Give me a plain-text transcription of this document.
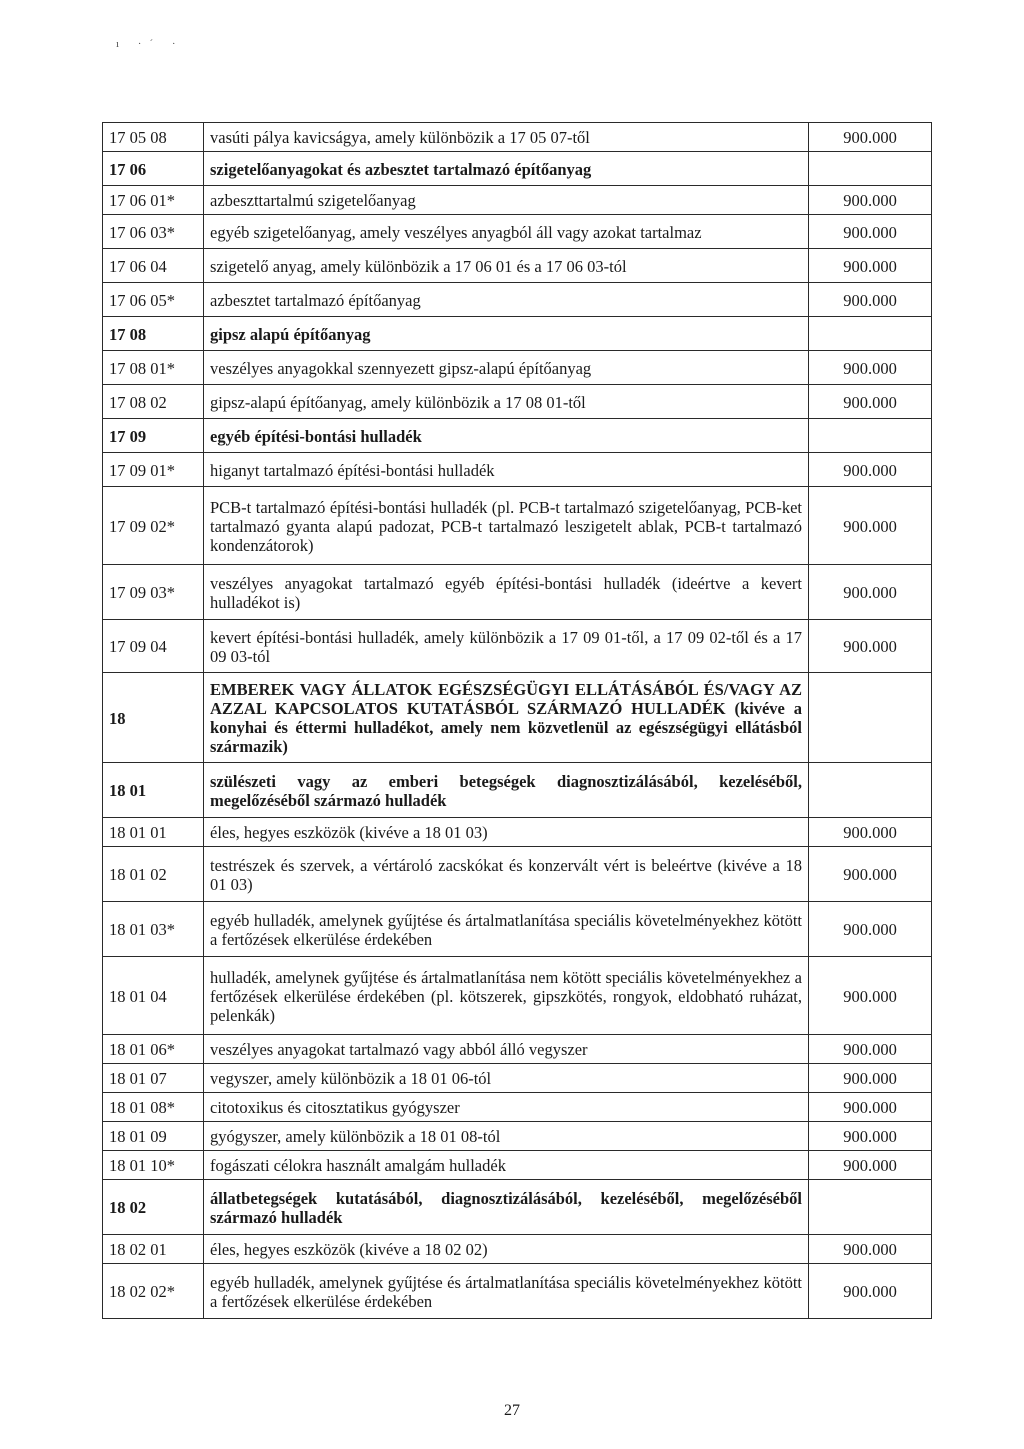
ı ·ˊ ·
17 05 08	vasúti pálya kavicságya, amely különbözik a 17 05 07-től	900.000
17 06	szigetelőanyagokat és azbesztet tartalmazó építőanyag	
17 06 01*	azbeszttartalmú szigetelőanyag	900.000
17 06 03*	egyéb szigetelőanyag, amely veszélyes anyagból áll vagy azokat tartalmaz	900.000
17 06 04	szigetelő anyag, amely különbözik a 17 06 01 és a 17 06 03-tól	900.000
17 06 05*	azbesztet tartalmazó építőanyag	900.000
17 08	gipsz alapú építőanyag	
17 08 01*	veszélyes anyagokkal szennyezett gipsz-alapú építőanyag	900.000
17 08 02	gipsz-alapú építőanyag, amely különbözik a 17 08 01-től	900.000
17 09	egyéb építési-bontási hulladék	
17 09 01*	higanyt tartalmazó építési-bontási hulladék	900.000
17 09 02*	PCB-t tartalmazó építési-bontási hulladék (pl. PCB-t tartalmazó szigetelőanyag, PCB-ket tartalmazó gyanta alapú padozat, PCB-t tartalmazó leszigetelt ablak, PCB-t tartalmazó kondenzátorok)	900.000
17 09 03*	veszélyes anyagokat tartalmazó egyéb építési-bontási hulladék (ideértve a kevert hulladékot is)	900.000
17 09 04	kevert építési-bontási hulladék, amely különbözik a 17 09 01-től, a 17 09 02-től és a 17 09 03-tól	900.000
18	EMBEREK VAGY ÁLLATOK EGÉSZSÉGÜGYI ELLÁTÁSÁBÓL ÉS/VAGY AZ AZZAL KAPCSOLATOS KUTATÁSBÓL SZÁRMAZÓ HULLADÉK (kivéve a konyhai és éttermi hulladékot, amely nem közvetlenül az egészségügyi ellátásból származik)	
18 01	szülészeti vagy az emberi betegségek diagnosztizálásából, kezeléséből, megelőzéséből származó hulladék	
18 01 01	éles, hegyes eszközök (kivéve a 18 01 03)	900.000
18 01 02	testrészek és szervek, a vértároló zacskókat és konzervált vért is beleértve (kivéve a 18 01 03)	900.000
18 01 03*	egyéb hulladék, amelynek gyűjtése és ártalmatlanítása speciális követelményekhez kötött a fertőzések elkerülése érdekében	900.000
18 01 04	hulladék, amelynek gyűjtése és ártalmatlanítása nem kötött speciális követelményekhez a fertőzések elkerülése érdekében (pl. kötszerek, gipszkötés, rongyok, eldobható ruházat, pelenkák)	900.000
18 01 06*	veszélyes anyagokat tartalmazó vagy abból álló vegyszer	900.000
18 01 07	vegyszer, amely különbözik a 18 01 06-tól	900.000
18 01 08*	citotoxikus és citosztatikus gyógyszer	900.000
18 01 09	gyógyszer, amely különbözik a 18 01 08-tól	900.000
18 01 10*	fogászati célokra használt amalgám hulladék	900.000
18 02	állatbetegségek kutatásából, diagnosztizálásából, kezeléséből, megelőzéséből származó hulladék	
18 02 01	éles, hegyes eszközök (kivéve a 18 02 02)	900.000
18 02 02*	egyéb hulladék, amelynek gyűjtése és ártalmatlanítása speciális követelményekhez kötött a fertőzések elkerülése érdekében	900.000
27
